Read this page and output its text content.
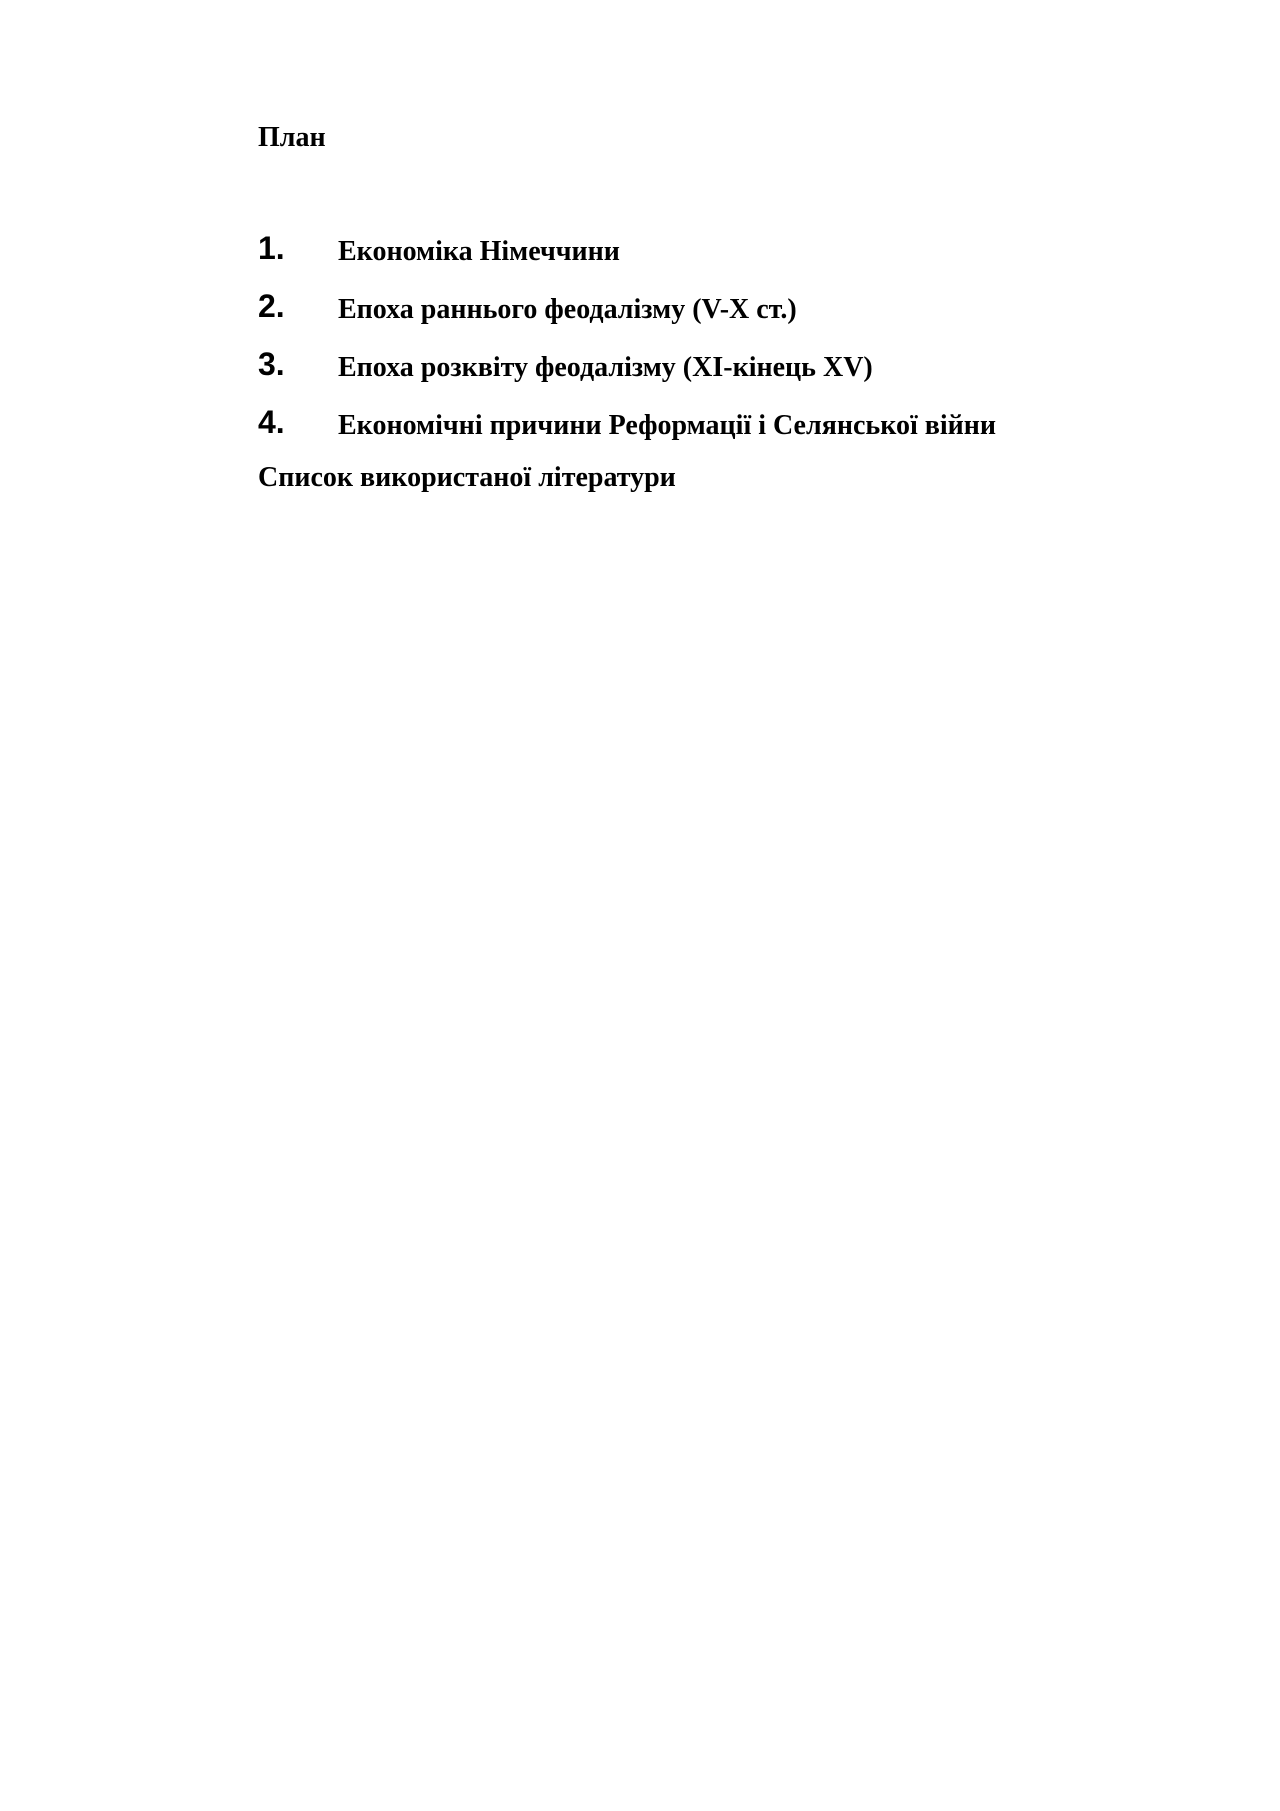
План
1. Економіка Німеччини
2. Епоха раннього феодалізму (V-X ст.)
3. Епоха розквіту феодалізму (XI-кінець XV)
4. Економічні причини Реформації і Селянської війни
Список використаної літератури
